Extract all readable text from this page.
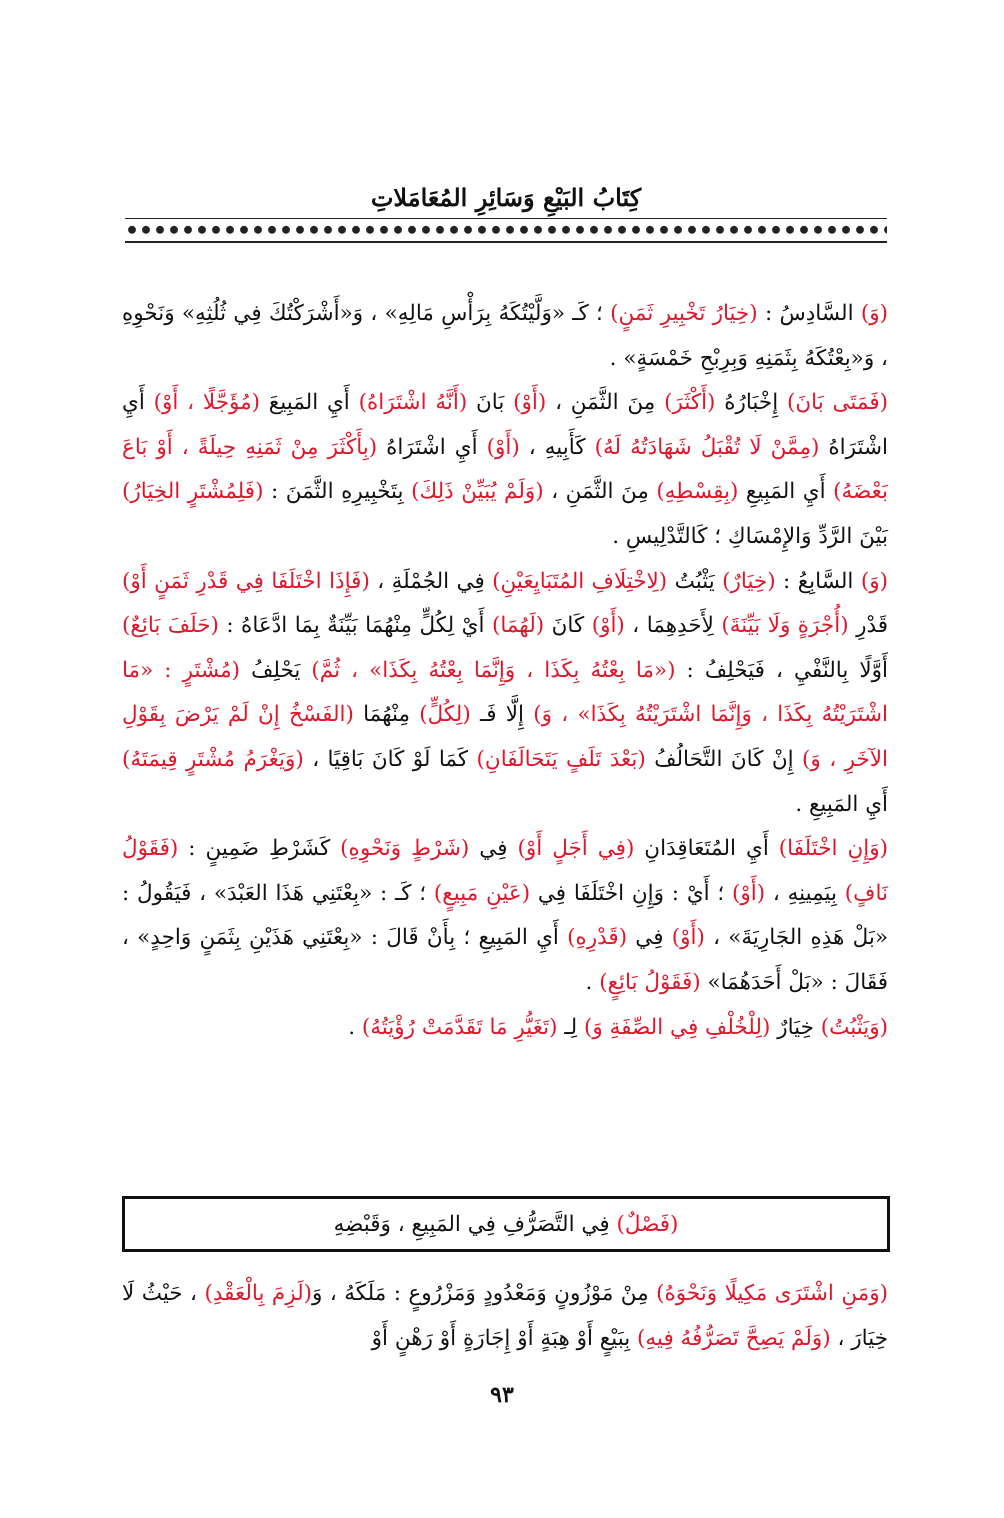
كِتَابُ البَيْعِ وَسَائِرِ المُعَامَلاتِ

(وَ) السَّادِسُ : (خِيَارُ تَخْبِيرِ ثَمَنٍ) ؛ كَـ «وَلَّيْتُكَهُ بِرَأْسِ مَالِهِ» ، وَ«أَشْرَكْتُكَ فِي ثُلُثِهِ» وَنَحْوِهِ ، وَ«بِعْتُكَهُ بِثَمَنِهِ وَبِرِبْحِ خَمْسَةٍ» .

(فَمَتَى بَانَ) إِخْبَارُهُ (أَكْثَرَ) مِنَ الثَّمَنِ ، (أَوْ) بَانَ (أَنَّهُ اشْتَرَاهُ) أَيِ المَبِيعَ (مُؤَجَّلًا ، أَوْ) أَيِ اشْتَرَاهُ (مِمَّنْ لَا تُقْبَلُ شَهَادَتُهُ لَهُ) كَأَبِيهِ ، (أَوْ) أَيِ اشْتَرَاهُ (بِأَكْثَرَ مِنْ ثَمَنِهِ حِيلَةً ، أَوْ بَاعَ بَعْضَهُ) أَيِ المَبِيعِ (بِقِسْطِهِ) مِنَ الثَّمَنِ ، (وَلَمْ يُبَيِّنْ ذَلِكَ) بِتَخْبِيرِهِ الثَّمَنَ : (فَلِمُشْتَرٍ الخِيَارُ) بَيْنَ الرَّدِّ وَالإِمْسَاكِ ؛ كَالتَّدْلِيسِ .

(وَ) السَّابِعُ : (خِيَارٌ) يَثْبُتُ (لِاخْتِلَافِ المُتَبَايِعَيْنِ) فِي الجُمْلَةِ ، (فَإِذَا اخْتَلَفَا فِي قَدْرِ ثَمَنٍ أَوْ) قَدْرِ (أُجْرَةٍ وَلَا بَيِّنَةَ) لِأَحَدِهِمَا ، (أَوْ) كَانَ (لَهُمَا) أَيْ لِكُلٍّ مِنْهُمَا بَيِّنَةٌ بِمَا ادَّعَاهُ : (حَلَفَ بَائِعٌ) أَوَّلًا بِالنَّفْيِ ، فَيَحْلِفُ : («مَا بِعْتُهُ بِكَذَا ، وَإِنَّمَا بِعْتُهُ بِكَذَا» ، ثُمَّ) يَحْلِفُ (مُشْتَرٍ : «مَا اشْتَرَيْتُهُ بِكَذَا ، وَإِنَّمَا اشْتَرَيْتُهُ بِكَذَا» ، وَ) إِلَّا فَـ (لِكُلٍّ) مِنْهُمَا (الفَسْخُ إِنْ لَمْ يَرْضَ بِقَوْلِ الآخَرِ ، وَ) إِنْ كَانَ التَّحَالُفُ (بَعْدَ تَلَفٍ يَتَحَالَفَانِ) كَمَا لَوْ كَانَ بَاقِيًا ، (وَيَغْرَمُ مُشْتَرٍ قِيمَتَهُ) أَيِ المَبِيعِ .

(وَإِنِ اخْتَلَفَا) أَيِ المُتَعَاقِدَانِ (فِي أَجَلٍ أَوْ) فِي (شَرْطٍ وَنَحْوِهِ) كَشَرْطِ ضَمِينٍ : (فَقَوْلُ نَافٍ) بِيَمِينِهِ ، (أَوْ) ؛ أَيْ : وَإِنِ اخْتَلَفَا فِي (عَيْنِ مَبِيعٍ) ؛ كَـ : «بِعْتَنِي هَذَا العَبْدَ» ، فَيَقُولُ : «بَلْ هَذِهِ الجَارِيَةَ» ، (أَوْ) فِي (قَدْرِهِ) أَيِ المَبِيعِ ؛ بِأَنْ قَالَ : «بِعْتَنِي هَذَيْنِ بِثَمَنٍ وَاحِدٍ» ، فَقَالَ : «بَلْ أَحَدَهُمَا» (فَقَوْلُ بَائِعٍ) .

(وَيَثْبُتُ) خِيَارٌ (لِلْخُلْفِ فِي الصِّفَةِ وَ) لِـ (تَغَيُّرِ مَا تَقَدَّمَتْ رُؤْيَتُهُ) .

(فَصْلٌ) فِي التَّصَرُّفِ فِي المَبِيعِ ، وَقَبْضِهِ

(وَمَنِ اشْتَرَى مَكِيلًا وَنَحْوَهُ) مِنْ مَوْزُونٍ وَمَعْدُودٍ وَمَزْرُوعٍ : مَلَكَهُ ، وَ(لَزِمَ بِالْعَقْدِ) ، حَيْثُ لَا خِيَارَ ، (وَلَمْ يَصِحَّ تَصَرُّفُهُ فِيهِ) بِبَيْعٍ أَوْ هِبَةٍ أَوْ إِجَارَةٍ أَوْ رَهْنٍ أَوْ

٩٣
